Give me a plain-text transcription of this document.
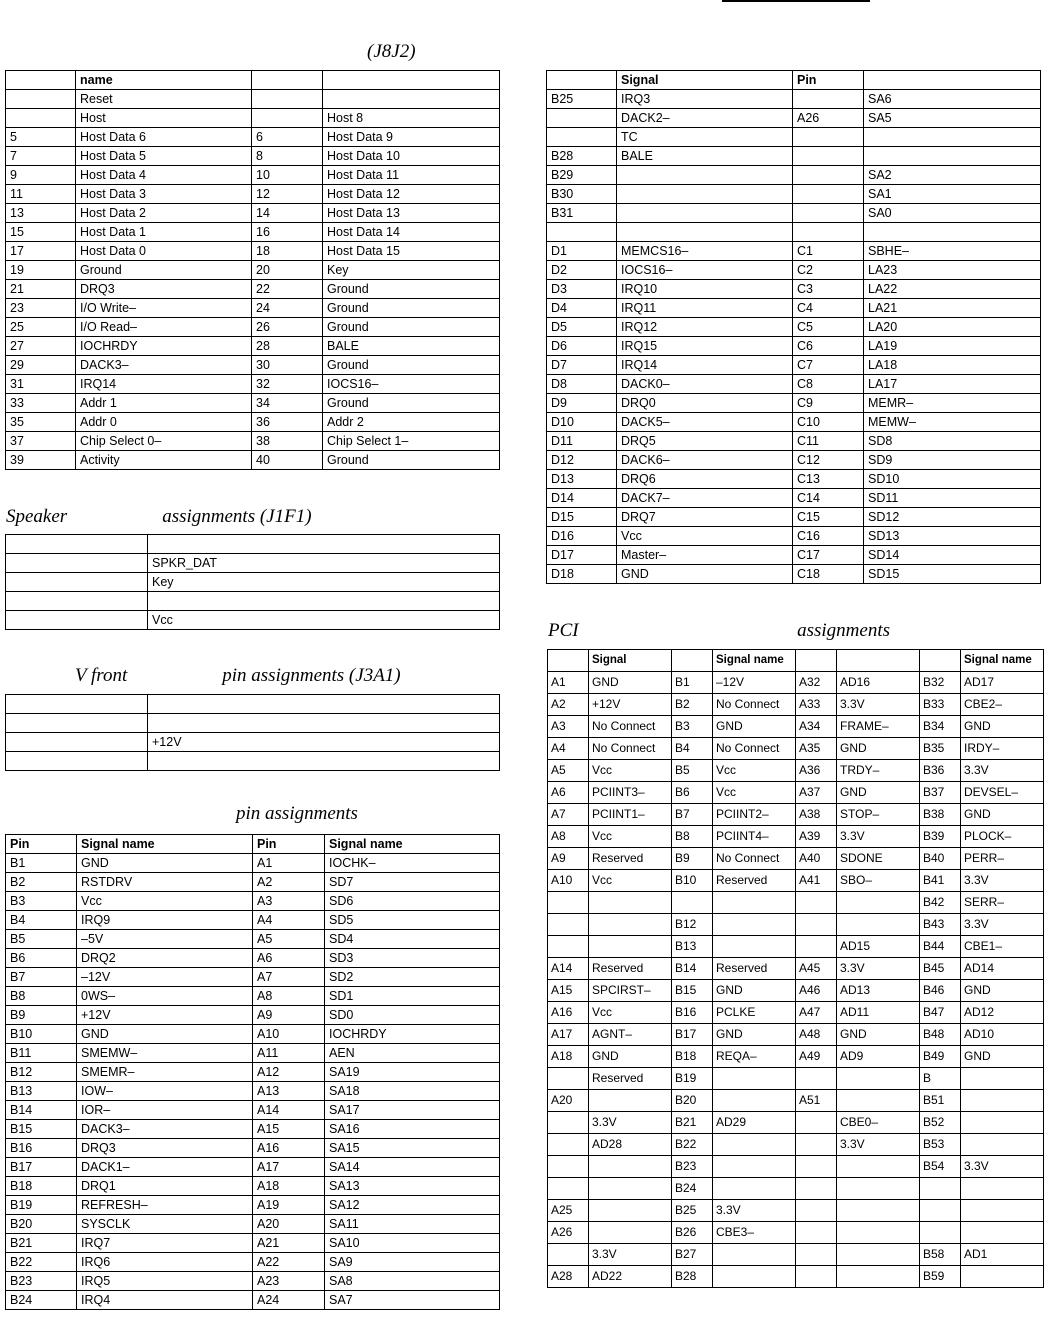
(J8J2)
Speaker                    assignments (J1F1)
V front                    pin assignments (J3A1)
pin assignments
PCI                                              assignments
	name		
	Reset		
	Host		Host 8
5	Host Data 6	6	Host Data 9
7	Host Data 5	8	Host Data 10
9	Host Data 4	10	Host Data 11
11	Host Data 3	12	Host Data 12
13	Host Data 2	14	Host Data 13
15	Host Data 1	16	Host Data 14
17	Host Data 0	18	Host Data 15
19	Ground	20	Key
21	DRQ3	22	Ground
23	I/O Write–	24	Ground
25	I/O Read–	26	Ground
27	IOCHRDY	28	BALE
29	DACK3–	30	Ground
31	IRQ14	32	IOCS16–
33	Addr 1	34	Ground
35	Addr 0	36	Addr 2
37	Chip Select 0–	38	Chip Select 1–
39	Activity	40	Ground

	SPKR_DAT
	Key

	Vcc

	+12V

Pin	Signal name	Pin	Signal name
B1	GND	A1	IOCHK–
B2	RSTDRV	A2	SD7
B3	Vcc	A3	SD6
B4	IRQ9	A4	SD5
B5	–5V	A5	SD4
B6	DRQ2	A6	SD3
B7	–12V	A7	SD2
B8	0WS–	A8	SD1
B9	+12V	A9	SD0
B10	GND	A10	IOCHRDY
B11	SMEMW–	A11	AEN
B12	SMEMR–	A12	SA19
B13	IOW–	A13	SA18
B14	IOR–	A14	SA17
B15	DACK3–	A15	SA16
B16	DRQ3	A16	SA15
B17	DACK1–	A17	SA14
B18	DRQ1	A18	SA13
B19	REFRESH–	A19	SA12
B20	SYSCLK	A20	SA11
B21	IRQ7	A21	SA10
B22	IRQ6	A22	SA9
B23	IRQ5	A23	SA8
B24	IRQ4	A24	SA7
	Signal	Pin	
B25	IRQ3		SA6
	DACK2–	A26	SA5
	TC		
B28	BALE		
B29			SA2
B30			SA1
B31			SA0

D1	MEMCS16–	C1	SBHE–
D2	IOCS16–	C2	LA23
D3	IRQ10	C3	LA22
D4	IRQ11	C4	LA21
D5	IRQ12	C5	LA20
D6	IRQ15	C6	LA19
D7	IRQ14	C7	LA18
D8	DACK0–	C8	LA17
D9	DRQ0	C9	MEMR–
D10	DACK5–	C10	MEMW–
D11	DRQ5	C11	SD8
D12	DACK6–	C12	SD9
D13	DRQ6	C13	SD10
D14	DACK7–	C14	SD11
D15	DRQ7	C15	SD12
D16	Vcc	C16	SD13
D17	Master–	C17	SD14
D18	GND	C18	SD15
	Signal		Signal name				Signal name
A1	GND	B1	–12V	A32	AD16	B32	AD17
A2	+12V	B2	No Connect	A33	3.3V	B33	CBE2–
A3	No Connect	B3	GND	A34	FRAME–	B34	GND
A4	No Connect	B4	No Connect	A35	GND	B35	IRDY–
A5	Vcc	B5	Vcc	A36	TRDY–	B36	3.3V
A6	PCIINT3–	B6	Vcc	A37	GND	B37	DEVSEL–
A7	PCIINT1–	B7	PCIINT2–	A38	STOP–	B38	GND
A8	Vcc	B8	PCIINT4–	A39	3.3V	B39	PLOCK–
A9	Reserved	B9	No Connect	A40	SDONE	B40	PERR–
A10	Vcc	B10	Reserved	A41	SBO–	B41	3.3V
						B42	SERR–
		B12				B43	3.3V
		B13			AD15	B44	CBE1–
A14	Reserved	B14	Reserved	A45	3.3V	B45	AD14
A15	SPCIRST–	B15	GND	A46	AD13	B46	GND
A16	Vcc	B16	PCLKE	A47	AD11	B47	AD12
A17	AGNT–	B17	GND	A48	GND	B48	AD10
A18	GND	B18	REQA–	A49	AD9	B49	GND
	Reserved	B19				B	
A20		B20		A51		B51	
	3.3V	B21	AD29		CBE0–	B52	
	AD28	B22			3.3V	B53	
		B23				B54	3.3V
		B24					
A25		B25	3.3V				
A26		B26	CBE3–				
	3.3V	B27				B58	AD1
A28	AD22	B28				B59	
